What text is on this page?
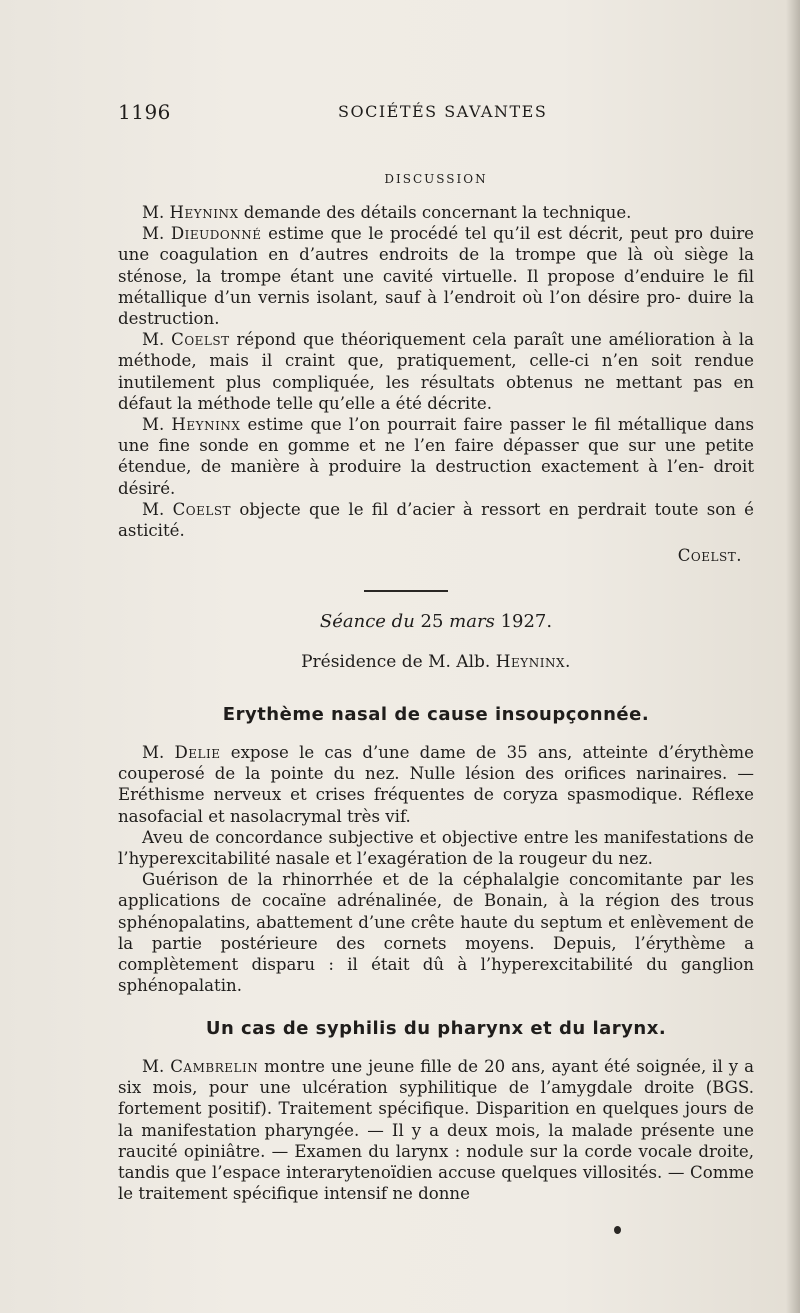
1196	SOCIÉTÉS SAVANTES
DISCUSSION

M. Heyninx demande des détails concernant la technique.

M. Dieudonné estime que le procédé tel qu’il est décrit, peut pro duire une coagulation en d’autres endroits de la trompe que là où siège la sténose, la trompe étant une cavité virtuelle. Il propose d’enduire le fil métallique d’un vernis isolant, sauf à l’endroit où l’on désire pro- duire la destruction.

M. Coelst répond que théoriquement cela paraît une amélioration à la méthode, mais il craint que, pratiquement, celle-ci n’en soit rendue inutilement plus compliquée, les résultats obtenus ne mettant pas en défaut la méthode telle qu’elle a été décrite.

M. Heyninx estime que l’on pourrait faire passer le fil métallique dans une fine sonde en gomme et ne l’en faire dépasser que sur une petite étendue, de manière à produire la destruction exactement à l’en- droit désiré.

M. Coelst objecte que le fil d’acier à ressort en perdrait toute son é asticité.

Coelst.

Séance du 25 mars 1927.
Présidence de M. Alb. Heyninx.
Erythème nasal de cause insoupçonnée.

M. Delie expose le cas d’une dame de 35 ans, atteinte d’érythème couperosé de la pointe du nez. Nulle lésion des orifices narinaires. — Eréthisme nerveux et crises fréquentes de coryza spasmodique. Réflexe nasofacial et nasolacrymal très vif.

Aveu de concordance subjective et objective entre les manifestations de l’hyperexcitabilité nasale et l’exagération de la rougeur du nez.

Guérison de la rhinorrhée et de la céphalalgie concomitante par les applications de cocaïne adrénalinée, de Bonain, à la région des trous sphénopalatins, abattement d’une crête haute du septum et enlèvement de la partie postérieure des cornets moyens. Depuis, l’érythème a complètement disparu : il était dû à l’hyperexcitabilité du ganglion sphénopalatin.

Un cas de syphilis du pharynx et du larynx.

M. Cambrelin montre une jeune fille de 20 ans, ayant été soignée, il y a six mois, pour une ulcération syphilitique de l’amygdale droite (BGS. fortement positif). Traitement spécifique. Disparition en quelques jours de la manifestation pharyngée. — Il y a deux mois, la malade présente une raucité opiniâtre. — Examen du larynx : nodule sur la corde vocale droite, tandis que l’espace interarytenoïdien accuse quelques villosités. — Comme le traitement spécifique intensif ne donne
